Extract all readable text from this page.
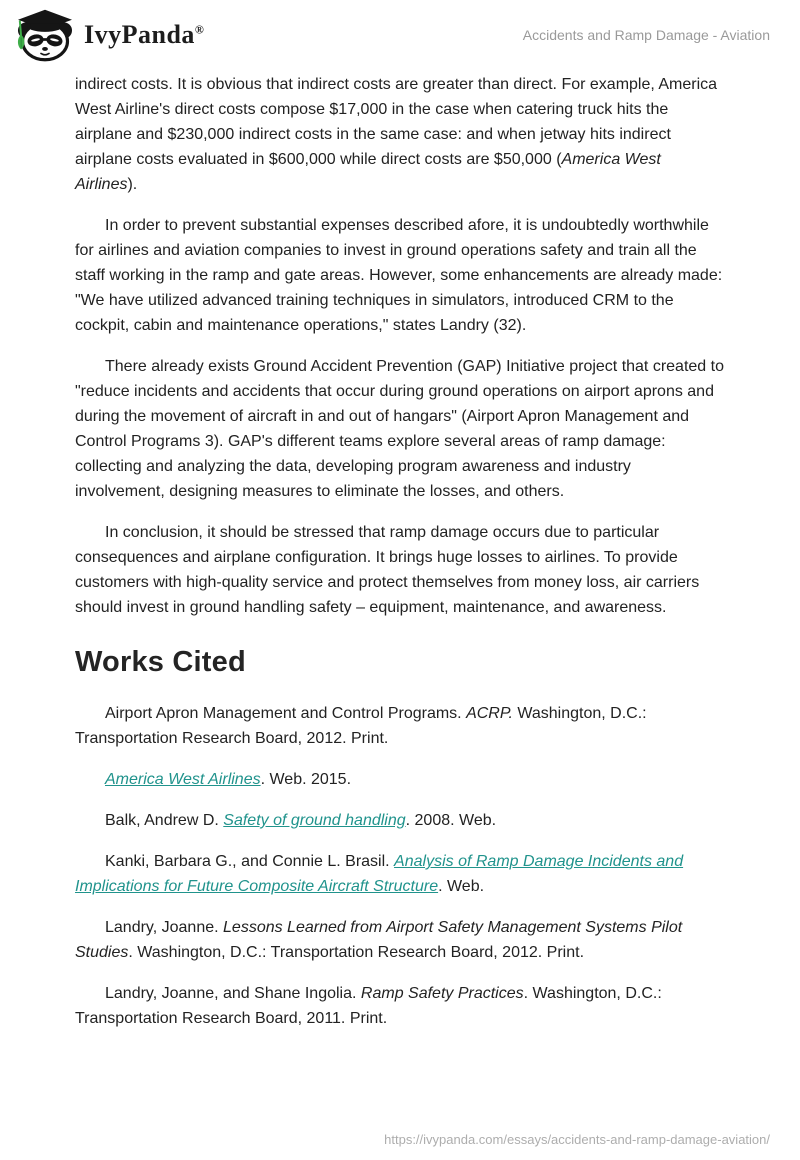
IvyPanda®	Accidents and Ramp Damage - Aviation

indirect costs. It is obvious that indirect costs are greater than direct. For example, America West Airline's direct costs compose $17,000 in the case when catering truck hits the airplane and $230,000 indirect costs in the same case: and when jetway hits indirect airplane costs evaluated in $600,000 while direct costs are $50,000 (America West Airlines).

In order to prevent substantial expenses described afore, it is undoubtedly worthwhile for airlines and aviation companies to invest in ground operations safety and train all the staff working in the ramp and gate areas. However, some enhancements are already made: "We have utilized advanced training techniques in simulators, introduced CRM to the cockpit, cabin and maintenance operations," states Landry (32).

There already exists Ground Accident Prevention (GAP) Initiative project that created to "reduce incidents and accidents that occur during ground operations on airport aprons and during the movement of aircraft in and out of hangars" (Airport Apron Management and Control Programs 3). GAP's different teams explore several areas of ramp damage: collecting and analyzing the data, developing program awareness and industry involvement, designing measures to eliminate the losses, and others.

In conclusion, it should be stressed that ramp damage occurs due to particular consequences and airplane configuration. It brings huge losses to airlines. To provide customers with high-quality service and protect themselves from money loss, air carriers should invest in ground handling safety – equipment, maintenance, and awareness.

Works Cited

Airport Apron Management and Control Programs. ACRP. Washington, D.C.: Transportation Research Board, 2012. Print.

America West Airlines. Web. 2015.

Balk, Andrew D. Safety of ground handling. 2008. Web.

Kanki, Barbara G., and Connie L. Brasil. Analysis of Ramp Damage Incidents and Implications for Future Composite Aircraft Structure. Web.

Landry, Joanne. Lessons Learned from Airport Safety Management Systems Pilot Studies. Washington, D.C.: Transportation Research Board, 2012. Print.

Landry, Joanne, and Shane Ingolia. Ramp Safety Practices. Washington, D.C.: Transportation Research Board, 2011. Print.

https://ivypanda.com/essays/accidents-and-ramp-damage-aviation/
